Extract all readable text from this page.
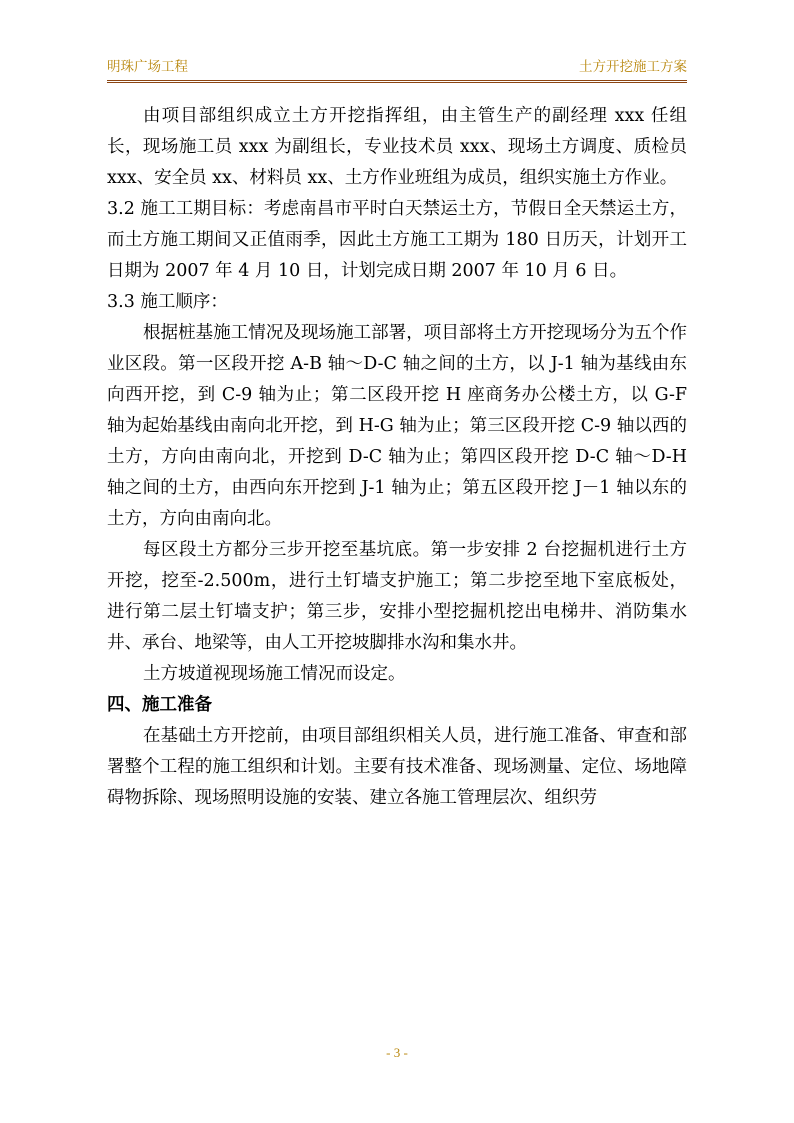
明珠广场工程	土方开挖施工方案

由项目部组织成立土方开挖指挥组，由主管生产的副经理 xxx 任组长，现场施工员 xxx 为副组长，专业技术员 xxx、现场土方调度、质检员 xxx、安全员 xx、材料员 xx、土方作业班组为成员，组织实施土方作业。

3.2 施工工期目标：考虑南昌市平时白天禁运土方，节假日全天禁运土方，而土方施工期间又正值雨季，因此土方施工工期为 180 日历天，计划开工日期为 2007 年 4 月 10 日，计划完成日期 2007 年 10 月 6 日。

3.3 施工顺序：

根据桩基施工情况及现场施工部署，项目部将土方开挖现场分为五个作业区段。第一区段开挖 A-B 轴～D-C 轴之间的土方，以 J-1 轴为基线由东向西开挖，到 C-9 轴为止；第二区段开挖 H 座商务办公楼土方，以 G-F 轴为起始基线由南向北开挖，到 H-G 轴为止；第三区段开挖 C-9 轴以西的土方，方向由南向北，开挖到 D-C 轴为止；第四区段开挖 D-C 轴～D-H 轴之间的土方，由西向东开挖到 J-1 轴为止；第五区段开挖 J－1 轴以东的土方，方向由南向北。

每区段土方都分三步开挖至基坑底。第一步安排 2 台挖掘机进行土方开挖，挖至-2.500m，进行土钉墙支护施工；第二步挖至地下室底板处，进行第二层土钉墙支护；第三步，安排小型挖掘机挖出电梯井、消防集水井、承台、地梁等，由人工开挖坡脚排水沟和集水井。

土方坡道视现场施工情况而设定。

四、施工准备

在基础土方开挖前，由项目部组织相关人员，进行施工准备、审查和部署整个工程的施工组织和计划。主要有技术准备、现场测量、定位、场地障碍物拆除、现场照明设施的安装、建立各施工管理层次、组织劳

- 3 -
